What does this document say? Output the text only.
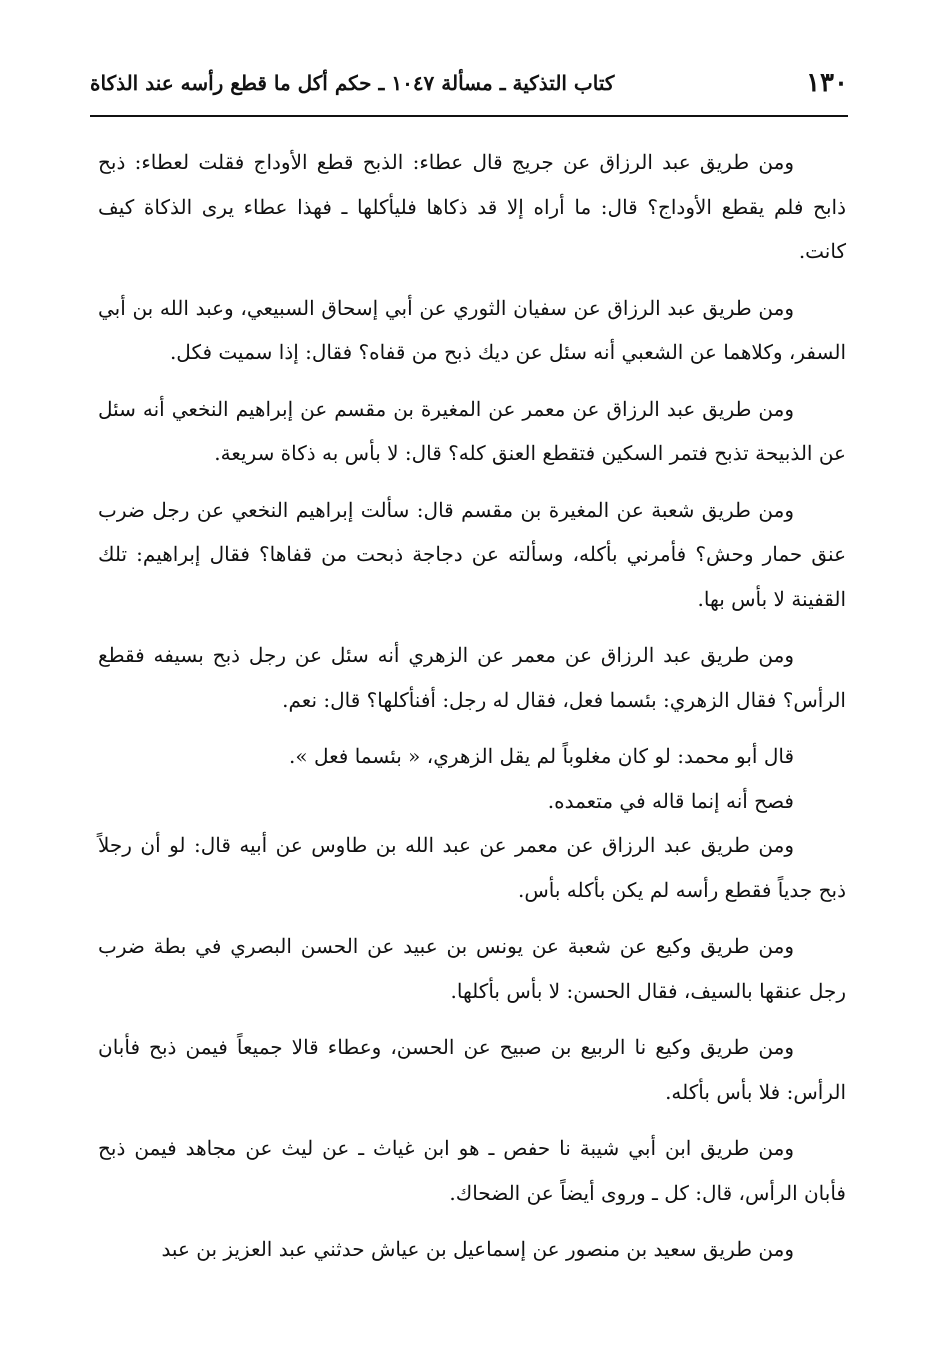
١٣٠
كتاب التذكية ـ مسألة ١٠٤٧ ـ حكم أكل ما قطع رأسه عند الذكاة

ومن طريق عبد الرزاق عن جريج قال عطاء: الذبح قطع الأوداج فقلت لعطاء: ذبح ذابح فلم يقطع الأوداج؟ قال: ما أراه إلا قد ذكاها فليأكلها ـ فهذا عطاء يرى الذكاة كيف كانت.

ومن طريق عبد الرزاق عن سفيان الثوري عن أبي إسحاق السبيعي، وعبد الله بن أبي السفر، وكلاهما عن الشعبي أنه سئل عن ديك ذبح من قفاه؟ فقال: إذا سميت فكل.

ومن طريق عبد الرزاق عن معمر عن المغيرة بن مقسم عن إبراهيم النخعي أنه سئل عن الذبيحة تذبح فتمر السكين فتقطع العنق كله؟ قال: لا بأس به ذكاة سريعة.

ومن طريق شعبة عن المغيرة بن مقسم قال: سألت إبراهيم النخعي عن رجل ضرب عنق حمار وحش؟ فأمرني بأكله، وسألته عن دجاجة ذبحت من قفاها؟ فقال إبراهيم: تلك القفينة لا بأس بها.

ومن طريق عبد الرزاق عن معمر عن الزهري أنه سئل عن رجل ذبح بسيفه فقطع الرأس؟ فقال الزهري: بئسما فعل، فقال له رجل: أفنأكلها؟ قال: نعم.

قال أبو محمد: لو كان مغلوباً لم يقل الزهري، « بئسما فعل ».

فصح أنه إنما قاله في متعمده.

ومن طريق عبد الرزاق عن معمر عن عبد الله بن طاوس عن أبيه قال: لو أن رجلاً ذبح جدياً فقطع رأسه لم يكن بأكله بأس.

ومن طريق وكيع عن شعبة عن يونس بن عبيد عن الحسن البصري في بطة ضرب رجل عنقها بالسيف، فقال الحسن: لا بأس بأكلها.

ومن طريق وكيع نا الربيع بن صبيح عن الحسن، وعطاء قالا جميعاً فيمن ذبح فأبان الرأس: فلا بأس بأكله.

ومن طريق ابن أبي شيبة نا حفص ـ هو ابن غياث ـ عن ليث عن مجاهد فيمن ذبح فأبان الرأس، قال: كل ـ وروى أيضاً عن الضحاك.

ومن طريق سعيد بن منصور عن إسماعيل بن عياش حدثني عبد العزيز بن عبد
